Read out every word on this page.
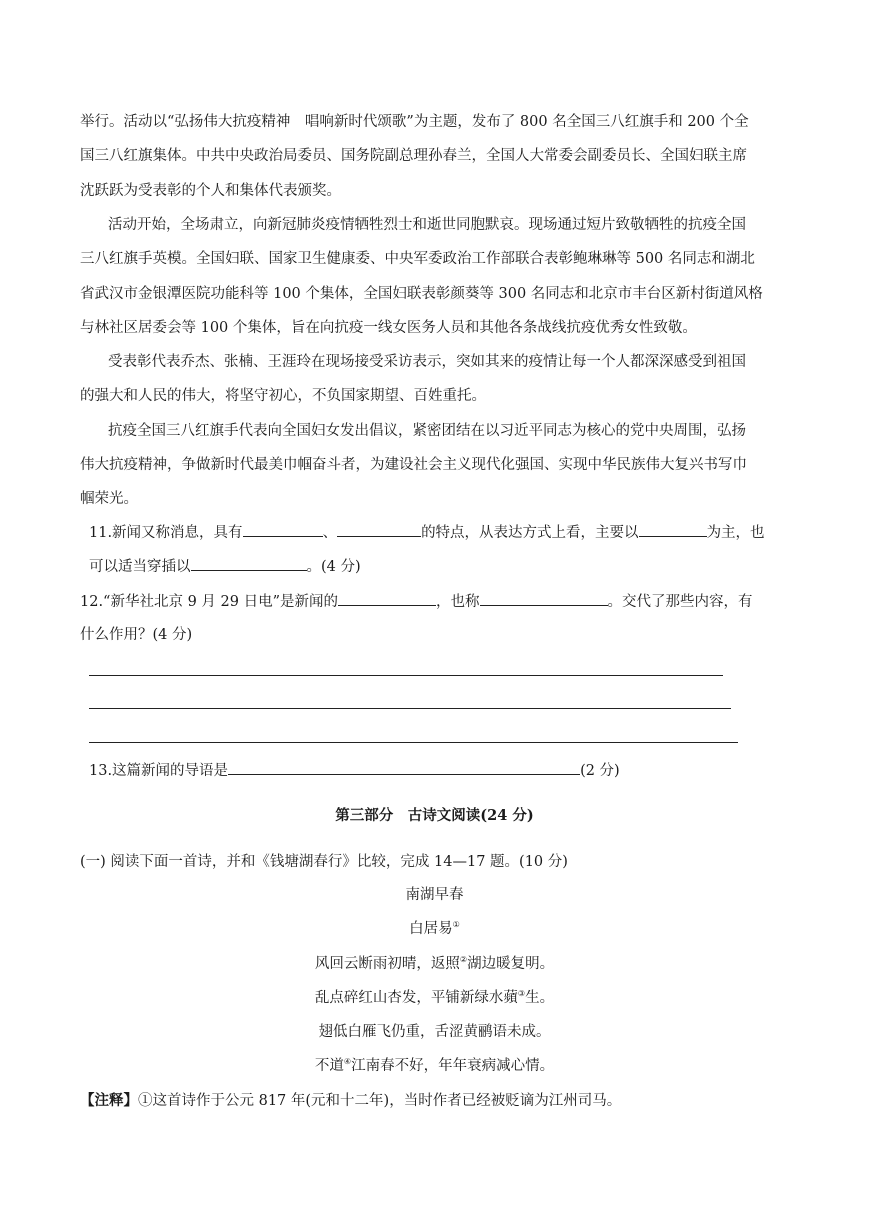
举行。活动以“弘扬伟大抗疫精神　唱响新时代颂歌”为主题，发布了 800 名全国三八红旗手和 200 个全
国三八红旗集体。中共中央政治局委员、国务院副总理孙春兰，全国人大常委会副委员长、全国妇联主席
沈跃跃为受表彰的个人和集体代表颁奖。
活动开始，全场肃立，向新冠肺炎疫情牺牲烈士和逝世同胞默哀。现场通过短片致敬牺牲的抗疫全国
三八红旗手英模。全国妇联、国家卫生健康委、中央军委政治工作部联合表彰鲍琳琳等 500 名同志和湖北
省武汉市金银潭医院功能科等 100 个集体，全国妇联表彰颜葵等 300 名同志和北京市丰台区新村街道风格
与林社区居委会等 100 个集体，旨在向抗疫一线女医务人员和其他各条战线抗疫优秀女性致敬。
受表彰代表乔杰、张楠、王涯玲在现场接受采访表示，突如其来的疫情让每一个人都深深感受到祖国
的强大和人民的伟大，将坚守初心，不负国家期望、百姓重托。
抗疫全国三八红旗手代表向全国妇女发出倡议，紧密团结在以习近平同志为核心的党中央周围，弘扬
伟大抗疫精神，争做新时代最美巾帼奋斗者，为建设社会主义现代化强国、实现中华民族伟大复兴书写巾
帼荣光。
11.新闻又称消息，具有	、	的特点，从表达方式上看，主要以	为主，也
可以适当穿插以	。(4 分)
12.“新华社北京 9 月 29 日电”是新闻的	，也称	。交代了那些内容，有
什么作用？(4 分)
13.这篇新闻的导语是	(2 分)
第三部分　古诗文阅读(24 分)
(一) 阅读下面一首诗，并和《钱塘湖春行》比较，完成 14—17 题。(10 分)
南湖早春
白居易①
风回云断雨初晴，返照②湖边暖复明。
乱点碎红山杏发，平铺新绿水蘋③生。
翅低白雁飞仍重，舌涩黄鹂语未成。
不道④江南春不好，年年衰病减心情。
【注释】①这首诗作于公元 817 年(元和十二年)，当时作者已经被贬谪为江州司马。
